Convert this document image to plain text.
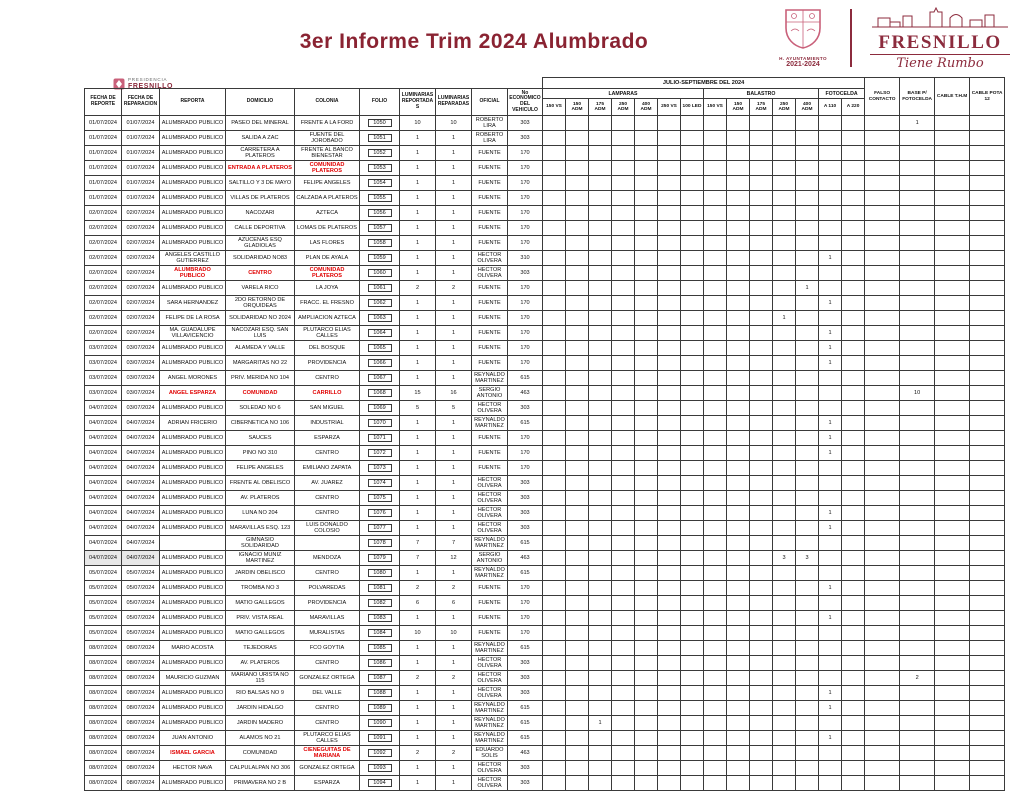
3er Informe Trim 2024 Alumbrado
H. AYUNTAMIENTO
2021-2024
FRESNILLO
Tiene Rumbo
PRESIDENCIA
FRESNILLO
										JULIO-SEPTIEMBRE DEL 2024														FALSO CONTACTO	BASE P/ FOTOCELDA	CABLE T.H.M	CABLE POTA 12
FECHA DE REPORTE	FECHA DE REPARACION	REPORTA	DOMICILIO	COLONIA	FOLIO	LUMINARIAS REPORTADAS	LUMINARIAS REPARADAS	OFICIAL	No ECONOMICO DEL VEHICULO	LAMPARAS							BALASTRO					FOTOCELDA					
										150 VS	150 ADM	175 ADM	250 ADM	400 ADM	250 VS	100 LED	150 VS	150 ADM	175 ADM	250 ADM	400 ADM	A 110	A 220				
01/07/2024	01/07/2024	ALUMBRADO PUBLICO	PASEO DEL MINERAL	FRENTE A LA FORD	1050	10	10	ROBERTO LIRA	303																1		
01/07/2024	01/07/2024	ALUMBRADO PUBLICO	SALIDA A ZAC	FUENTE DEL JOROBADO	1051	1	1	ROBERTO LIRA	303																		
01/07/2024	01/07/2024	ALUMBRADO PUBLICO	CARRETERA A PLATEROS	FRENTE AL BANCO BIENESTAR	1052	1	1	FUENTE	170																		
01/07/2024	01/07/2024	ALUMBRADO PUBLICO	ENTRADA A PLATEROS	COMUNIDAD PLATEROS	1053	1	1	FUENTE	170																		
01/07/2024	01/07/2024	ALUMBRADO PUBLICO	SALTILLO Y 3 DE MAYO	FELIPE ANGELES	1054	1	1	FUENTE	170																		
01/07/2024	01/07/2024	ALUMBRADO PUBLICO	VILLAS DE PLATEROS	CALZADA A PLATEROS	1055	1	1	FUENTE	170																		
02/07/2024	02/07/2024	ALUMBRADO PUBLICO	NACOZARI	AZTECA	1056	1	1	FUENTE	170																		
02/07/2024	02/07/2024	ALUMBRADO PUBLICO	CALLE DEPORTIVA	LOMAS DE PLATEROS	1057	1	1	FUENTE	170																		
02/07/2024	02/07/2024	ALUMBRADO PUBLICO	AZUCENAS ESQ GLADIOLAS	LAS FLORES	1058	1	1	FUENTE	170																		
02/07/2024	02/07/2024	ANGELES CASTILLO GUTIERREZ	SOLIDARIDAD NO83	PLAN DE AYALA	1059	1	1	HECTOR OLIVERA	310													1					
02/07/2024	02/07/2024	ALUMBRADO PUBLICO	CENTRO	COMUNIDAD PLATEROS	1060	1	1	HECTOR OLIVERA	303																		
02/07/2024	02/07/2024	ALUMBRADO PUBLICO	VARELA RICO	LA JOYA	1061	2	2	FUENTE	170												1						
02/07/2024	02/07/2024	SARA HERNANDEZ	2DO RETORNO DE ORQUIDEAS	FRACC. EL FRESNO	1062	1	1	FUENTE	170													1					
02/07/2024	02/07/2024	FELIPE DE LA ROSA	SOLIDARIDAD NO 2024	AMPLIACION AZTECA	1063	1	1	FUENTE	170											1							
02/07/2024	02/07/2024	MA. GUADALUPE VILLAVICENCIO	NACOZARI ESQ. SAN LUIS	PLUTARCO ELIAS CALLES	1064	1	1	FUENTE	170													1					
03/07/2024	03/07/2024	ALUMBRADO PUBLICO	ALAMEDA Y VALLE	DEL BOSQUE	1065	1	1	FUENTE	170													1					
03/07/2024	03/07/2024	ALUMBRADO PUBLICO	MARGARITAS NO 22	PROVIDENCIA	1066	1	1	FUENTE	170													1					
03/07/2024	03/07/2024	ANGEL MORONES	PRIV. MERIDA NO 104	CENTRO	1067	1	1	REYNALDO MARTINEZ	615																		
03/07/2024	03/07/2024	ANGEL ESPARZA	COMUNIDAD	CARRILLO	1068	15	16	SERGIO ANTONIO	463																10		
04/07/2024	03/07/2024	ALUMBRADO PUBLICO	SOLEDAD NO 6	SAN MIGUEL	1069	5	5	HECTOR OLIVERA	303																		
04/07/2024	04/07/2024	ADRIAN FRICERIO	CIBERNETICA NO 106	INDUSTRIAL	1070	1	1	REYNALDO MARTINEZ	615													1					
04/07/2024	04/07/2024	ALUMBRADO PUBLICO	SAUCES	ESPARZA	1071	1	1	FUENTE	170													1					
04/07/2024	04/07/2024	ALUMBRADO PUBLICO	PINO NO 310	CENTRO	1072	1	1	FUENTE	170													1					
04/07/2024	04/07/2024	ALUMBRADO PUBLICO	FELIPE ANGELES	EMILIANO ZAPATA	1073	1	1	FUENTE	170																		
04/07/2024	04/07/2024	ALUMBRADO PUBLICO	FRENTE AL OBELISCO	AV. JUAREZ	1074	1	1	HECTOR OLIVERA	303																		
04/07/2024	04/07/2024	ALUMBRADO PUBLICO	AV. PLATEROS	CENTRO	1075	1	1	HECTOR OLIVERA	303																		
04/07/2024	04/07/2024	ALUMBRADO PUBLICO	LUNA NO 204	CENTRO	1076	1	1	HECTOR OLIVERA	303													1					
04/07/2024	04/07/2024	ALUMBRADO PUBLICO	MARAVILLAS ESQ. 123	LUIS DONALDO COLOSIO	1077	1	1	HECTOR OLIVERA	303													1					
04/07/2024	04/07/2024		GIMNASIO SOLIDARIDAD		1078	7	7	REYNALDO MARTINEZ	615																		
04/07/2024	04/07/2024	ALUMBRADO PUBLICO	IGNACIO MUNIZ MARTINEZ	MENDOZA	1079	7	12	SERGIO ANTONIO	463											3	3						
05/07/2024	05/07/2024	ALUMBRADO PUBLICO	JARDIN OBELISCO	CENTRO	1080	1	1	REYNALDO MARTINEZ	615																		
05/07/2024	05/07/2024	ALUMBRADO PUBLICO	TROMBA NO 3	POLVAREDAS	1081	2	2	FUENTE	170													1					
05/07/2024	05/07/2024	ALUMBRADO PUBLICO	MATIO GALLEGOS	PROVIDENCIA	1082	6	6	FUENTE	170																		
05/07/2024	05/07/2024	ALUMBRADO PUBLICO	PRIV. VISTA REAL	MARAVILLAS	1083	1	1	FUENTE	170													1					
05/07/2024	05/07/2024	ALUMBRADO PUBLICO	MATIO GALLEGOS	MURALISTAS	1084	10	10	FUENTE	170																		
08/07/2024	08/07/2024	MARIO ACOSTA	TEJEDORAS	FCO GOYTIA	1085	1	1	REYNALDO MARTINEZ	615																		
08/07/2024	08/07/2024	ALUMBRADO PUBLICO	AV. PLATEROS	CENTRO	1086	1	1	HECTOR OLIVERA	303																		
08/07/2024	08/07/2024	MAURICIO GUZMAN	MARIANO URISTA NO 115	GONZALEZ ORTEGA	1087	2	2	HECTOR OLIVERA	303																2		
08/07/2024	08/07/2024	ALUMBRADO PUBLICO	RIO BALSAS NO 9	DEL VALLE	1088	1	1	HECTOR OLIVERA	303													1					
08/07/2024	08/07/2024	ALUMBRADO PUBLICO	JARDIN HIDALGO	CENTRO	1089	1	1	REYNALDO MARTINEZ	615													1					
08/07/2024	08/07/2024	ALUMBRADO PUBLICO	JARDIN MADERO	CENTRO	1090	1	1	REYNALDO MARTINEZ	615			1															
08/07/2024	08/07/2024	JUAN ANTONIO	ALAMOS NO 21	PLUTARCO ELIAS CALLES	1091	1	1	REYNALDO MARTINEZ	615													1					
08/07/2024	08/07/2024	ISMAEL GARCIA	COMUNIDAD	CIENEGUITAS DE MARIANA	1092	2	2	EDUARDO SOLIS	463																		
08/07/2024	08/07/2024	HECTOR NAVA	CALPULALPAN NO 306	GONZALEZ ORTEGA	1093	1	1	HECTOR OLIVERA	303																		
08/07/2024	08/07/2024	ALUMBRADO PUBLICO	PRIMAVERA NO 2 B	ESPARZA	1094	1	1	HECTOR OLIVERA	303																		
